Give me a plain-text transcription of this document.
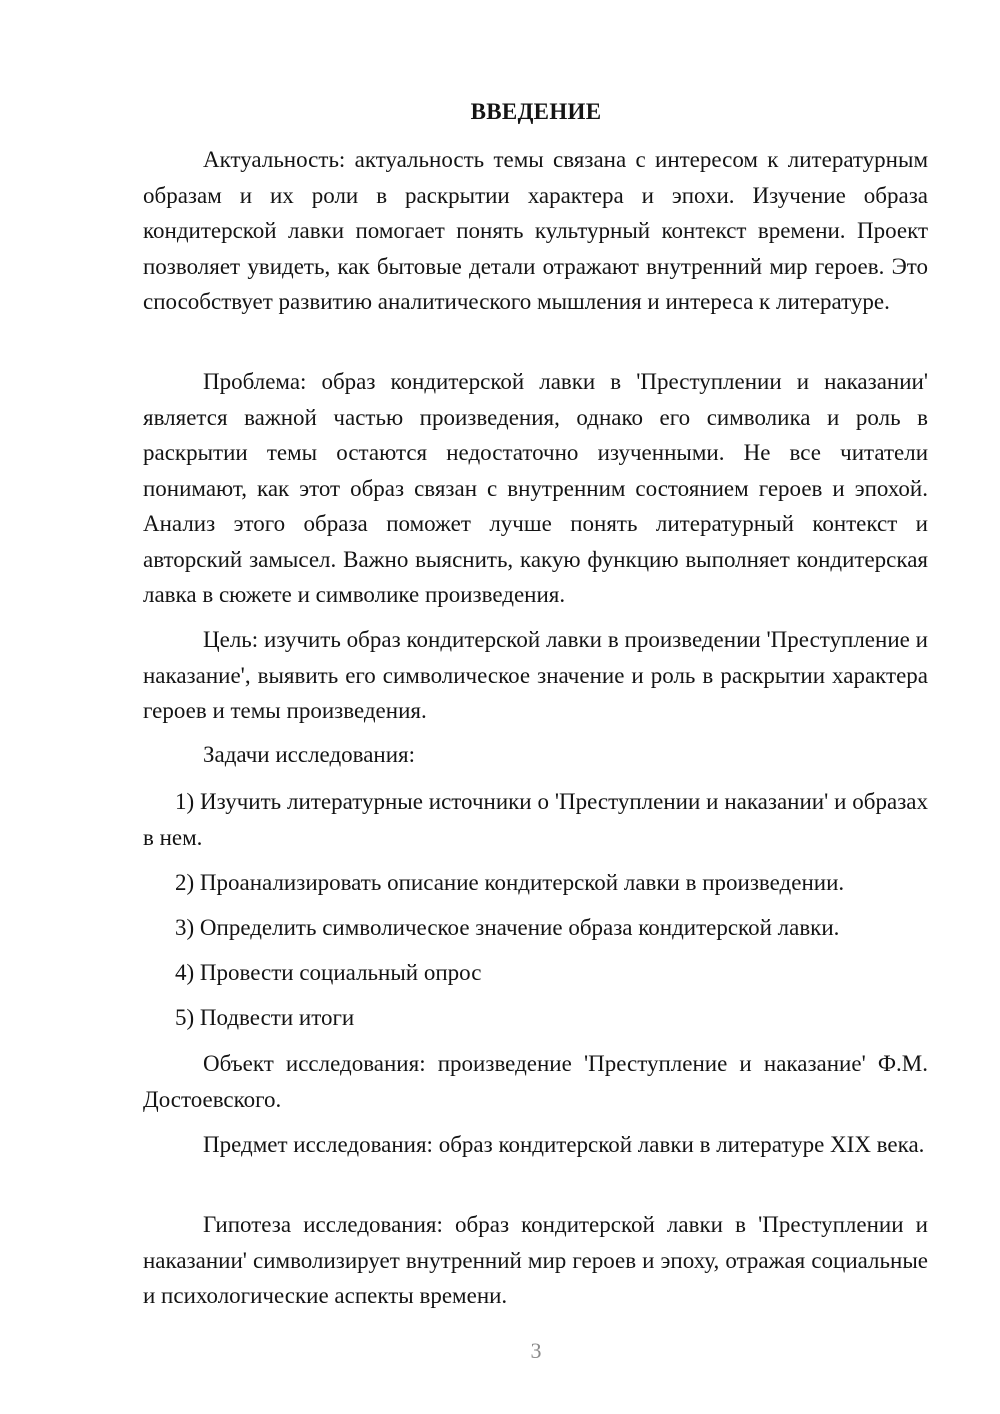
ВВЕДЕНИЕ

Актуальность: актуальность темы связана с интересом к литературным образам и их роли в раскрытии характера и эпохи. Изучение образа кондитерской лавки помогает понять культурный контекст времени. Проект позволяет увидеть, как бытовые детали отражают внутренний мир героев. Это способствует развитию аналитического мышления и интереса к литературе.

Проблема: образ кондитерской лавки в 'Преступлении и наказании' является важной частью произведения, однако его символика и роль в раскрытии темы остаются недостаточно изученными. Не все читатели понимают, как этот образ связан с внутренним состоянием героев и эпохой. Анализ этого образа поможет лучше понять литературный контекст и авторский замысел. Важно выяснить, какую функцию выполняет кондитерская лавка в сюжете и символике произведения.

Цель: изучить образ кондитерской лавки в произведении 'Преступление и наказание', выявить его символическое значение и роль в раскрытии характера героев и темы произведения.

Задачи исследования:

1) Изучить литературные источники о 'Преступлении и наказании' и образах в нем.

2) Проанализировать описание кондитерской лавки в произведении.

3) Определить символическое значение образа кондитерской лавки.

4) Провести социальный опрос

5) Подвести итоги

Объект исследования: произведение 'Преступление и наказание' Ф.М. Достоевского.

Предмет исследования: образ кондитерской лавки в литературе XIX века.

Гипотеза исследования: образ кондитерской лавки в 'Преступлении и наказании' символизирует внутренний мир героев и эпоху, отражая социальные и психологические аспекты времени.

3
